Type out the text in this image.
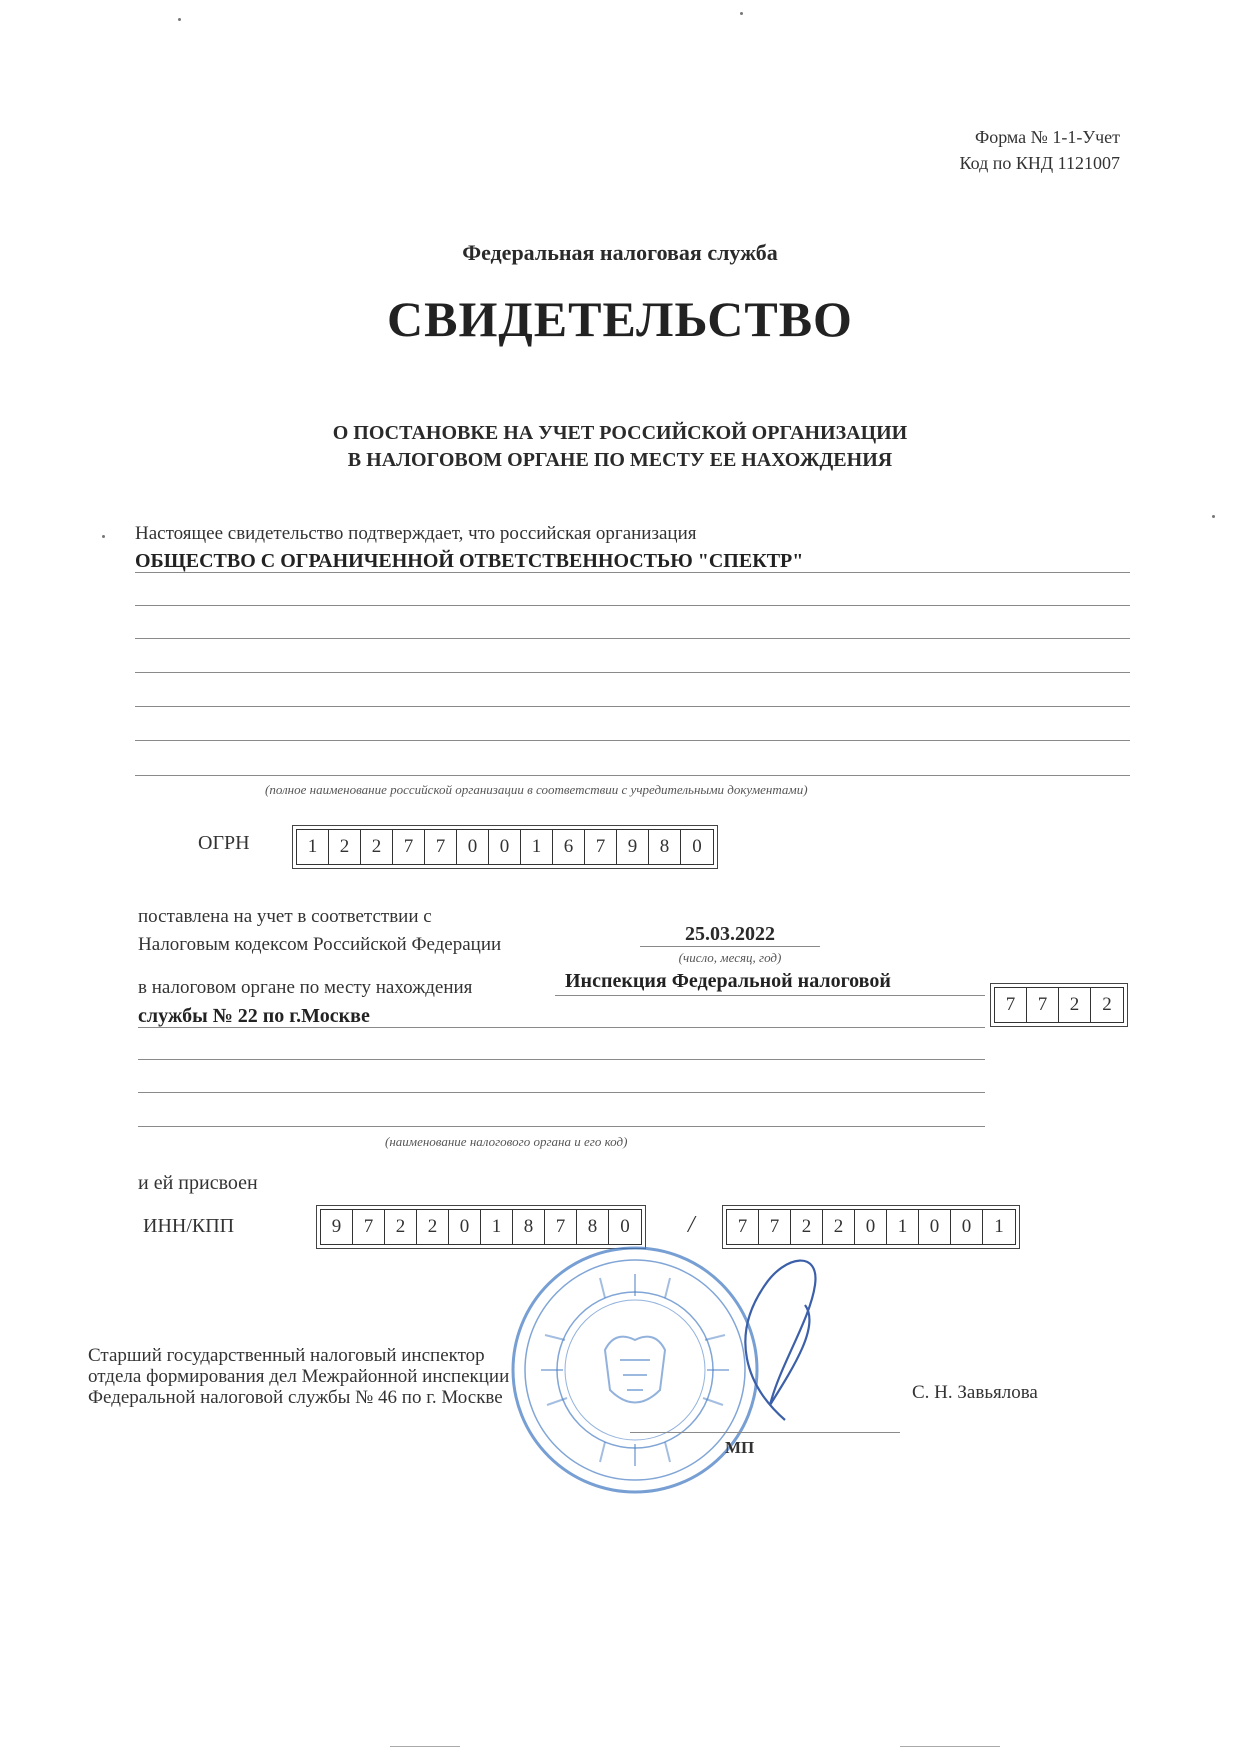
Форма № 1-1-Учет
Код по КНД 1121007
Федеральная налоговая служба
СВИДЕТЕЛЬСТВО
О ПОСТАНОВКЕ НА УЧЕТ РОССИЙСКОЙ ОРГАНИЗАЦИИ
В НАЛОГОВОМ ОРГАНЕ ПО МЕСТУ ЕЕ НАХОЖДЕНИЯ
Настоящее свидетельство подтверждает, что российская организация
ОБЩЕСТВО С ОГРАНИЧЕННОЙ ОТВЕТСТВЕННОСТЬЮ "СПЕКТР"
(полное наименование российской организации в соответствии с учредительными документами)
ОГРН	1	2	2	7	7	0	0	1	6	7	9	8	0
поставлена на учет в соответствии с
Налоговым кодексом Российской Федерации	25.03.2022
(число, месяц, год)
в налоговом органе по месту нахождения	Инспекция Федеральной налоговой
службы № 22 по г.Москве
(наименование налогового органа и его код)
7	7	2	2
и ей присвоен
ИНН/КПП	9	7	2	2	0	1	8	7	8	0	/	7	7	2	2	0	1	0	0	1
Старший государственный налоговый инспектор
отдела формирования дел Межрайонной инспекции
Федеральной налоговой службы № 46 по г. Москве	С. Н. Завьялова
МП
